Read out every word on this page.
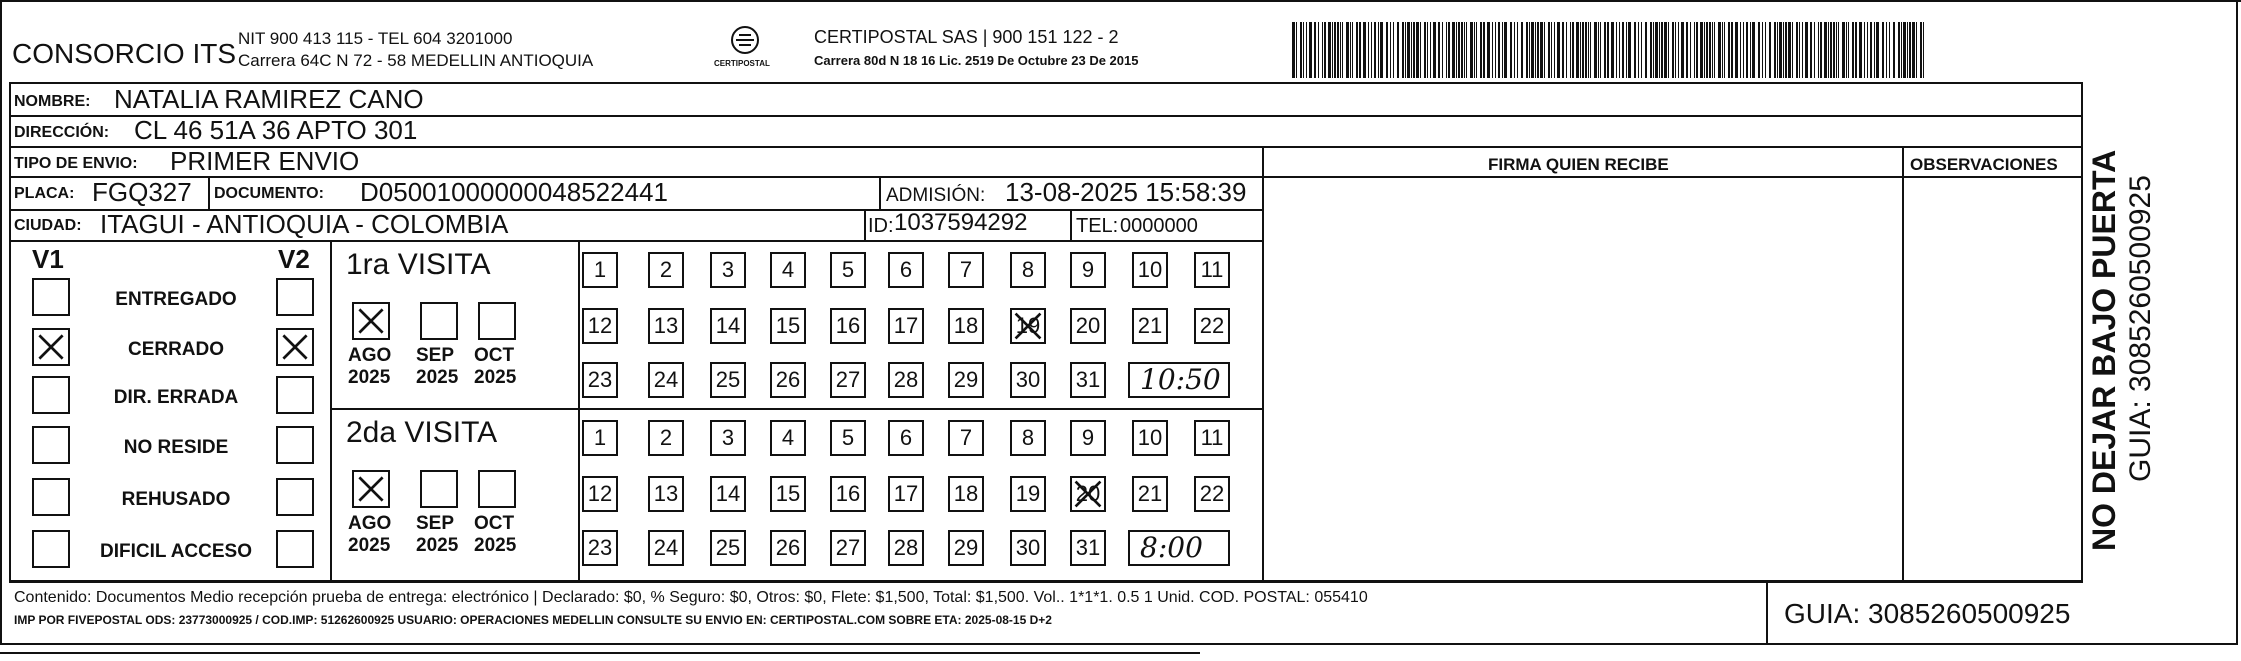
CONSORCIO ITS NIT 900 413 115 - TEL 604 3201000
Carrera 64C N 72 - 58 MEDELLIN ANTIOQUIA	CERTIPOSTAL
CERTIPOSTAL SAS | 900 151 122 - 2
Carrera 80d N 18 16 Lic. 2519 De Octubre 23 De 2015
NOMBRE: NATALIA RAMIREZ CANO
DIRECCIÓN: CL 46 51A 36 APTO 301
TIPO DE ENVIO: PRIMER ENVIO	FIRMA QUIEN RECIBE	OBSERVACIONES
PLACA: FGQ327 DOCUMENTO: D05001000000048522441	ADMISIÓN: 13-08-2025 15:58:39
CIUDAD: ITAGUI - ANTIOQUIA - COLOMBIA	ID: 1037594292 TEL: 0000000
V1	V2
ENTREGADO
CERRADO
DIR. ERRADA
NO RESIDE
REHUSADO
DIFICIL ACCESO
1ra VISITA
AGO
2025
SEP
2025
OCT
2025
1	2	3	4	5	6	7	8	9	10 11
12 13 14 15 16 17 18 19 20 21 22
23 24 25 26 27 28 29 30 31 10:50
2da VISITA
AGO
2025
SEP
2025
OCT
2025
1	2	3	4	5	6	7	8	9	10 11
12 13 14 15 16 17 18 19 20 21 22
23 24 25 26 27 28 29 30 31 8:00
Contenido: Documentos Medio recepción prueba de entrega: electrónico | Declarado: $0, % Seguro: $0, Otros: $0, Flete: $1,500, Total: $1,500. Vol.. 1*1*1. 0.5 1 Unid. COD. POSTAL: 055410
IMP POR FIVEPOSTAL ODS: 23773000925 / COD.IMP: 51262600925 USUARIO: OPERACIONES MEDELLIN CONSULTE SU ENVIO EN: CERTIPOSTAL.COM SOBRE ETA: 2025-08-15 D+2	GUIA: 3085260500925
NO DEJAR BAJO PUERTA GUIA: 3085260500925
